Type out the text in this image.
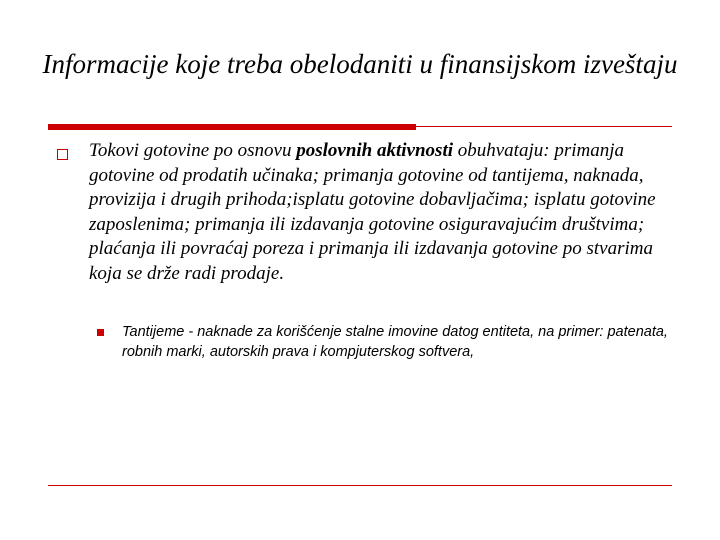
Informacije koje treba obelodaniti u finansijskom izveštaju
Tokovi gotovine po osnovu poslovnih aktivnosti obuhvataju: primanja gotovine od prodatih učinaka; primanja gotovine od tantijema, naknada, provizija i drugih prihoda;isplatu gotovine dobavljačima; isplatu gotovine zaposlenima; primanja ili izdavanja gotovine osiguravajućim društvima; plaćanja ili povraćaj poreza i primanja ili izdavanja gotovine po stvarima koja se drže radi prodaje.
Tantijeme - naknade za korišćenje stalne imovine datog entiteta, na primer: patenata, robnih marki, autorskih prava i kompjuterskog softvera,
